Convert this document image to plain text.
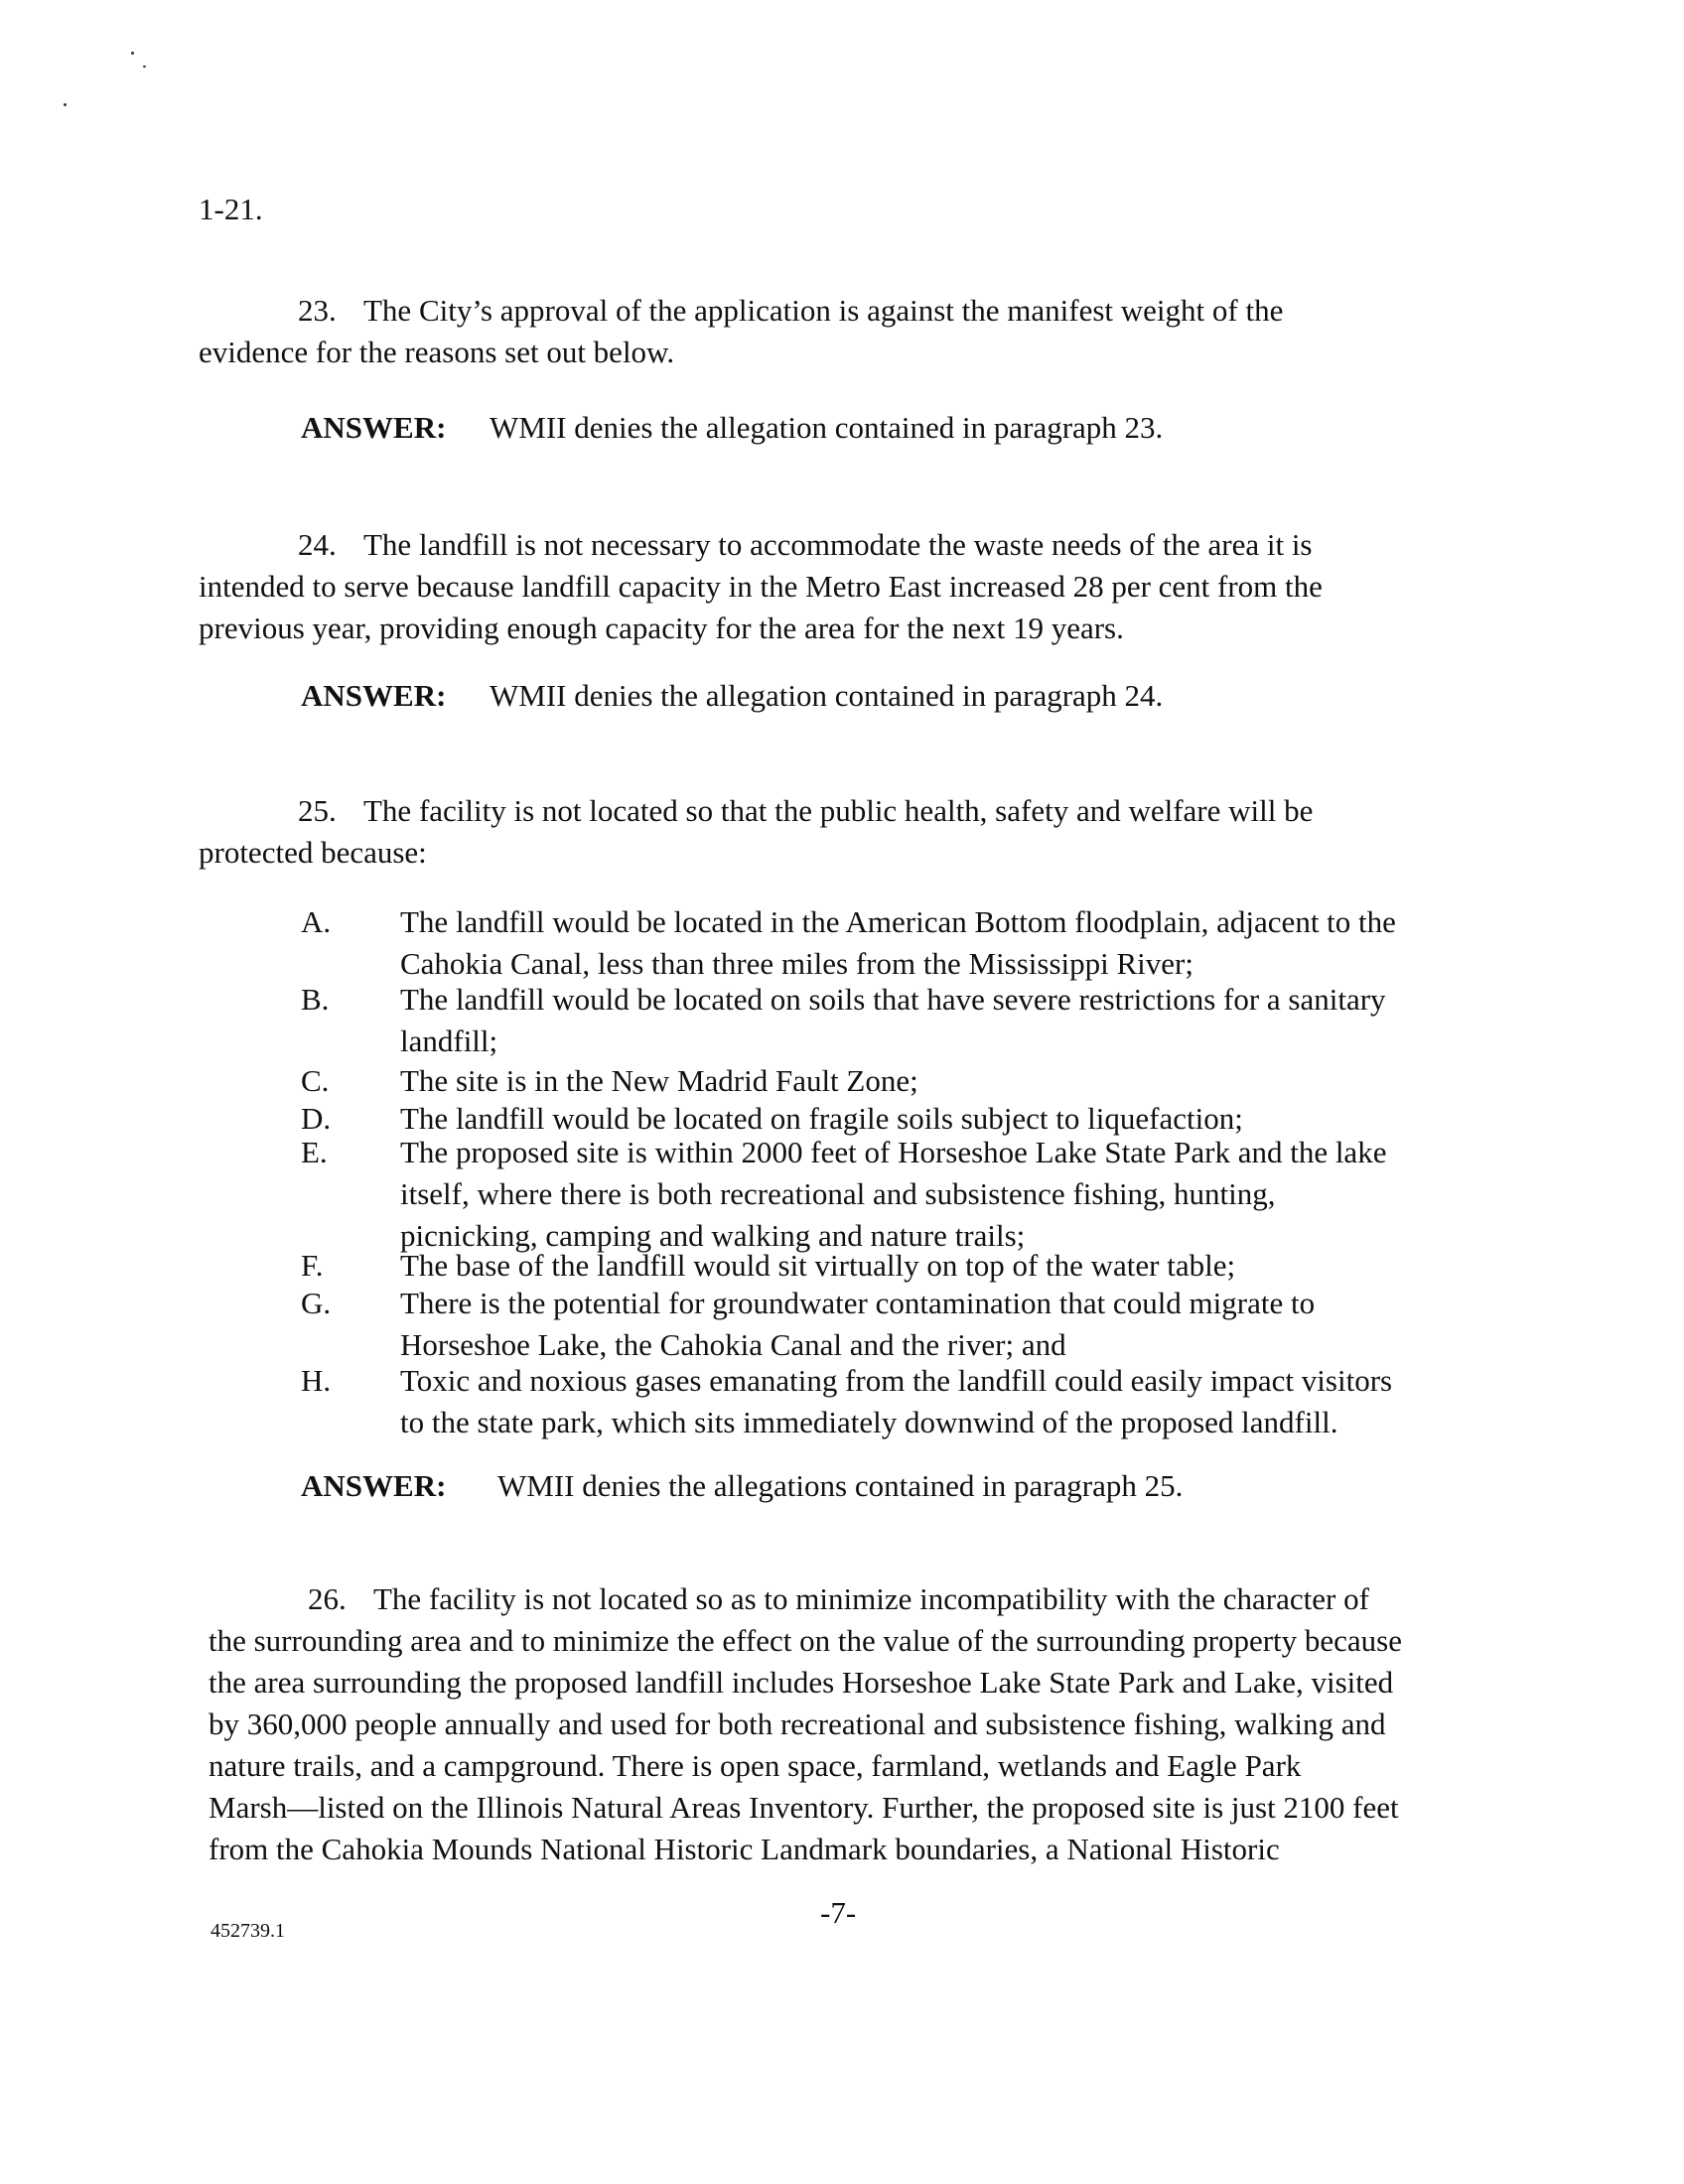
1-21.
23. The City’s approval of the application is against the manifest weight of the
evidence for the reasons set out below.
ANSWER: WMII denies the allegation contained in paragraph 23.
24. The landfill is not necessary to accommodate the waste needs of the area it is
intended to serve because landfill capacity in the Metro East increased 28 per cent from the
previous year, providing enough capacity for the area for the next 19 years.
ANSWER: WMII denies the allegation contained in paragraph 24.
25. The facility is not located so that the public health, safety and welfare will be
protected because:
A. The landfill would be located in the American Bottom floodplain, adjacent to the
Cahokia Canal, less than three miles from the Mississippi River;
B. The landfill would be located on soils that have severe restrictions for a sanitary
landfill;
C. The site is in the New Madrid Fault Zone;
D. The landfill would be located on fragile soils subject to liquefaction;
E. The proposed site is within 2000 feet of Horseshoe Lake State Park and the lake
itself, where there is both recreational and subsistence fishing, hunting,
picnicking, camping and walking and nature trails;
F. The base of the landfill would sit virtually on top of the water table;
G. There is the potential for groundwater contamination that could migrate to
Horseshoe Lake, the Cahokia Canal and the river; and
H. Toxic and noxious gases emanating from the landfill could easily impact visitors
to the state park, which sits immediately downwind of the proposed landfill.
ANSWER: WMII denies the allegations contained in paragraph 25.
26. The facility is not located so as to minimize incompatibility with the character of
the surrounding area and to minimize the effect on the value of the surrounding property because
the area surrounding the proposed landfill includes Horseshoe Lake State Park and Lake, visited
by 360,000 people annually and used for both recreational and subsistence fishing, walking and
nature trails, and a campground. There is open space, farmland, wetlands and Eagle Park
Marsh—listed on the Illinois Natural Areas Inventory. Further, the proposed site is just 2100 feet
from the Cahokia Mounds National Historic Landmark boundaries, a National Historic
452739.1
-7-
